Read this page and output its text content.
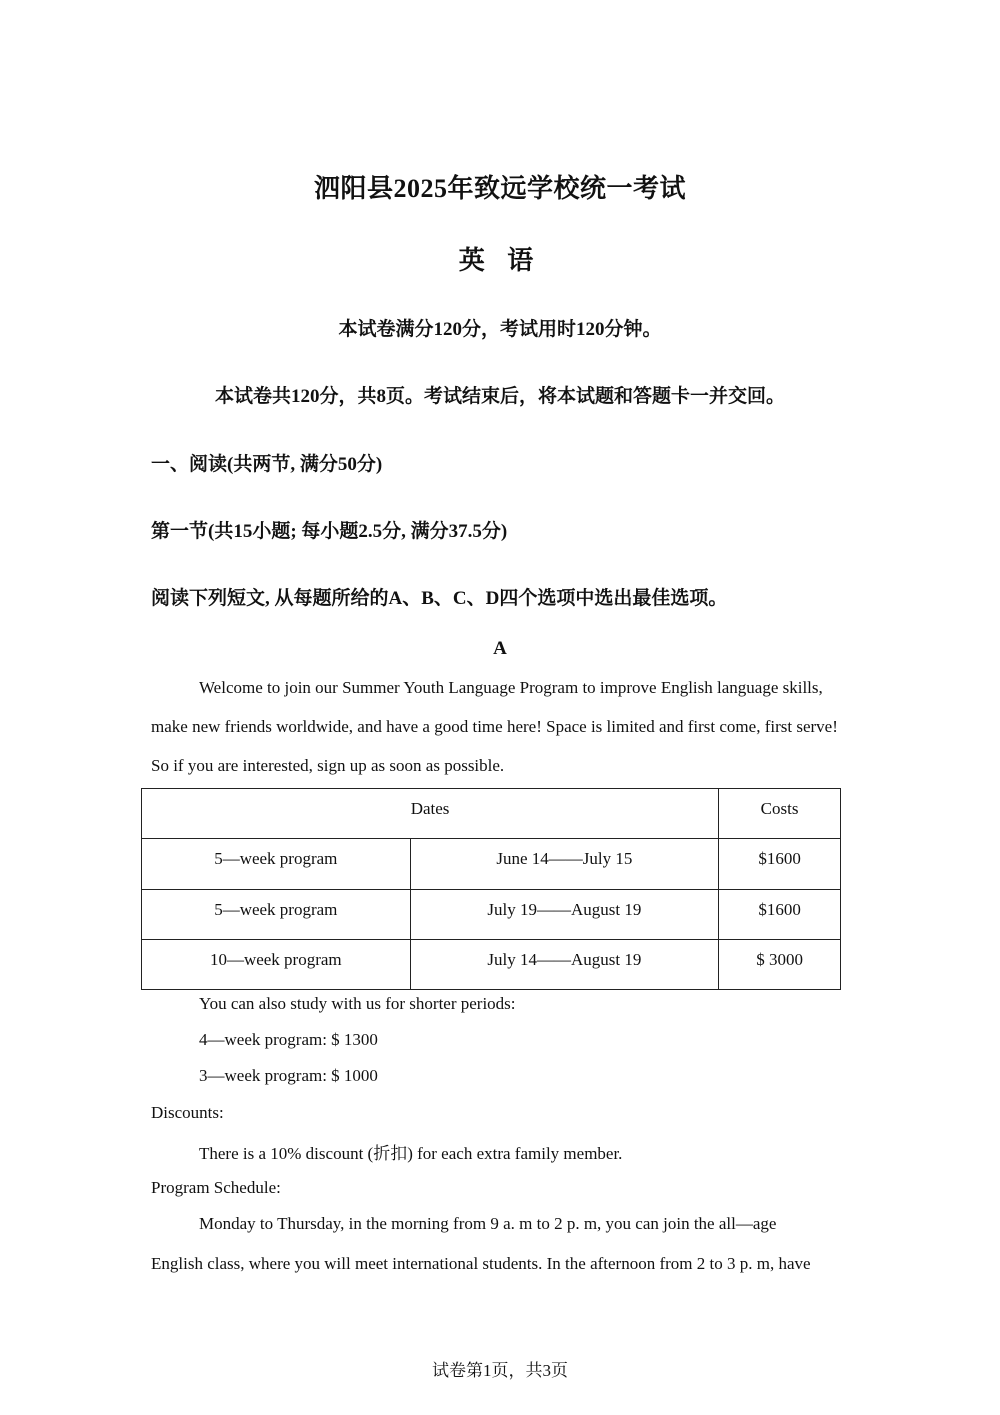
泗阳县2025年致远学校统一考试
英 语
本试卷满分120分，考试用时120分钟。
本试卷共120分，共8页。考试结束后，将本试题和答题卡一并交回。
一、阅读(共两节, 满分50分)
第一节(共15小题; 每小题2.5分, 满分37.5分)
阅读下列短文, 从每题所给的A、B、C、D四个选项中选出最佳选项。
A
Welcome to join our Summer Youth Language Program to improve English language skills, make new friends worldwide, and have a good time here! Space is limited and first come, first serve! So if you are interested, sign up as soon as possible.
Dates		Costs
5—week program	June 14——July 15	$1600
5—week program	July 19——August 19	$1600
10—week program	July 14——August 19	$ 3000
You can also study with us for shorter periods:
4—week program: $ 1300
3—week program: $ 1000
Discounts:
There is a 10% discount (折扣) for each extra family member.
Program Schedule:
Monday to Thursday, in the morning from 9 a. m to 2 p. m, you can join the all—age
English class, where you will meet international students. In the afternoon from 2 to 3 p. m, have
试卷第1页，共3页
